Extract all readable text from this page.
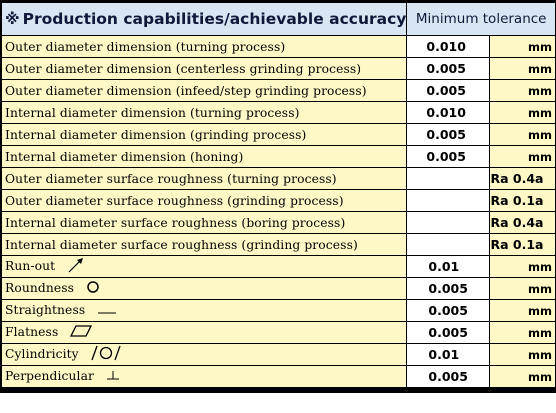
※ Production capabilities/achievable accuracy	Minimum tolerance	
Outer diameter dimension (turning process)	0.010	mm
Outer diameter dimension (centerless grinding process)	0.005	mm
Outer diameter dimension (infeed/step grinding process)	0.005	mm
Internal diameter dimension (turning process)	0.010	mm
Internal diameter dimension (grinding process)	0.005	mm
Internal diameter dimension (honing)	0.005	mm
Outer diameter surface roughness (turning process)		Ra 0.4a
Outer diameter surface roughness (grinding process)		Ra 0.1a
Internal diameter surface roughness (boring process)		Ra 0.4a
Internal diameter surface roughness (grinding process)		Ra 0.1a
Run-out	0.01	mm
Roundness	0.005	mm
Straightness	0.005	mm
Flatness	0.005	mm
Cylindricity	0.01	mm
Perpendicular	0.005	mm
